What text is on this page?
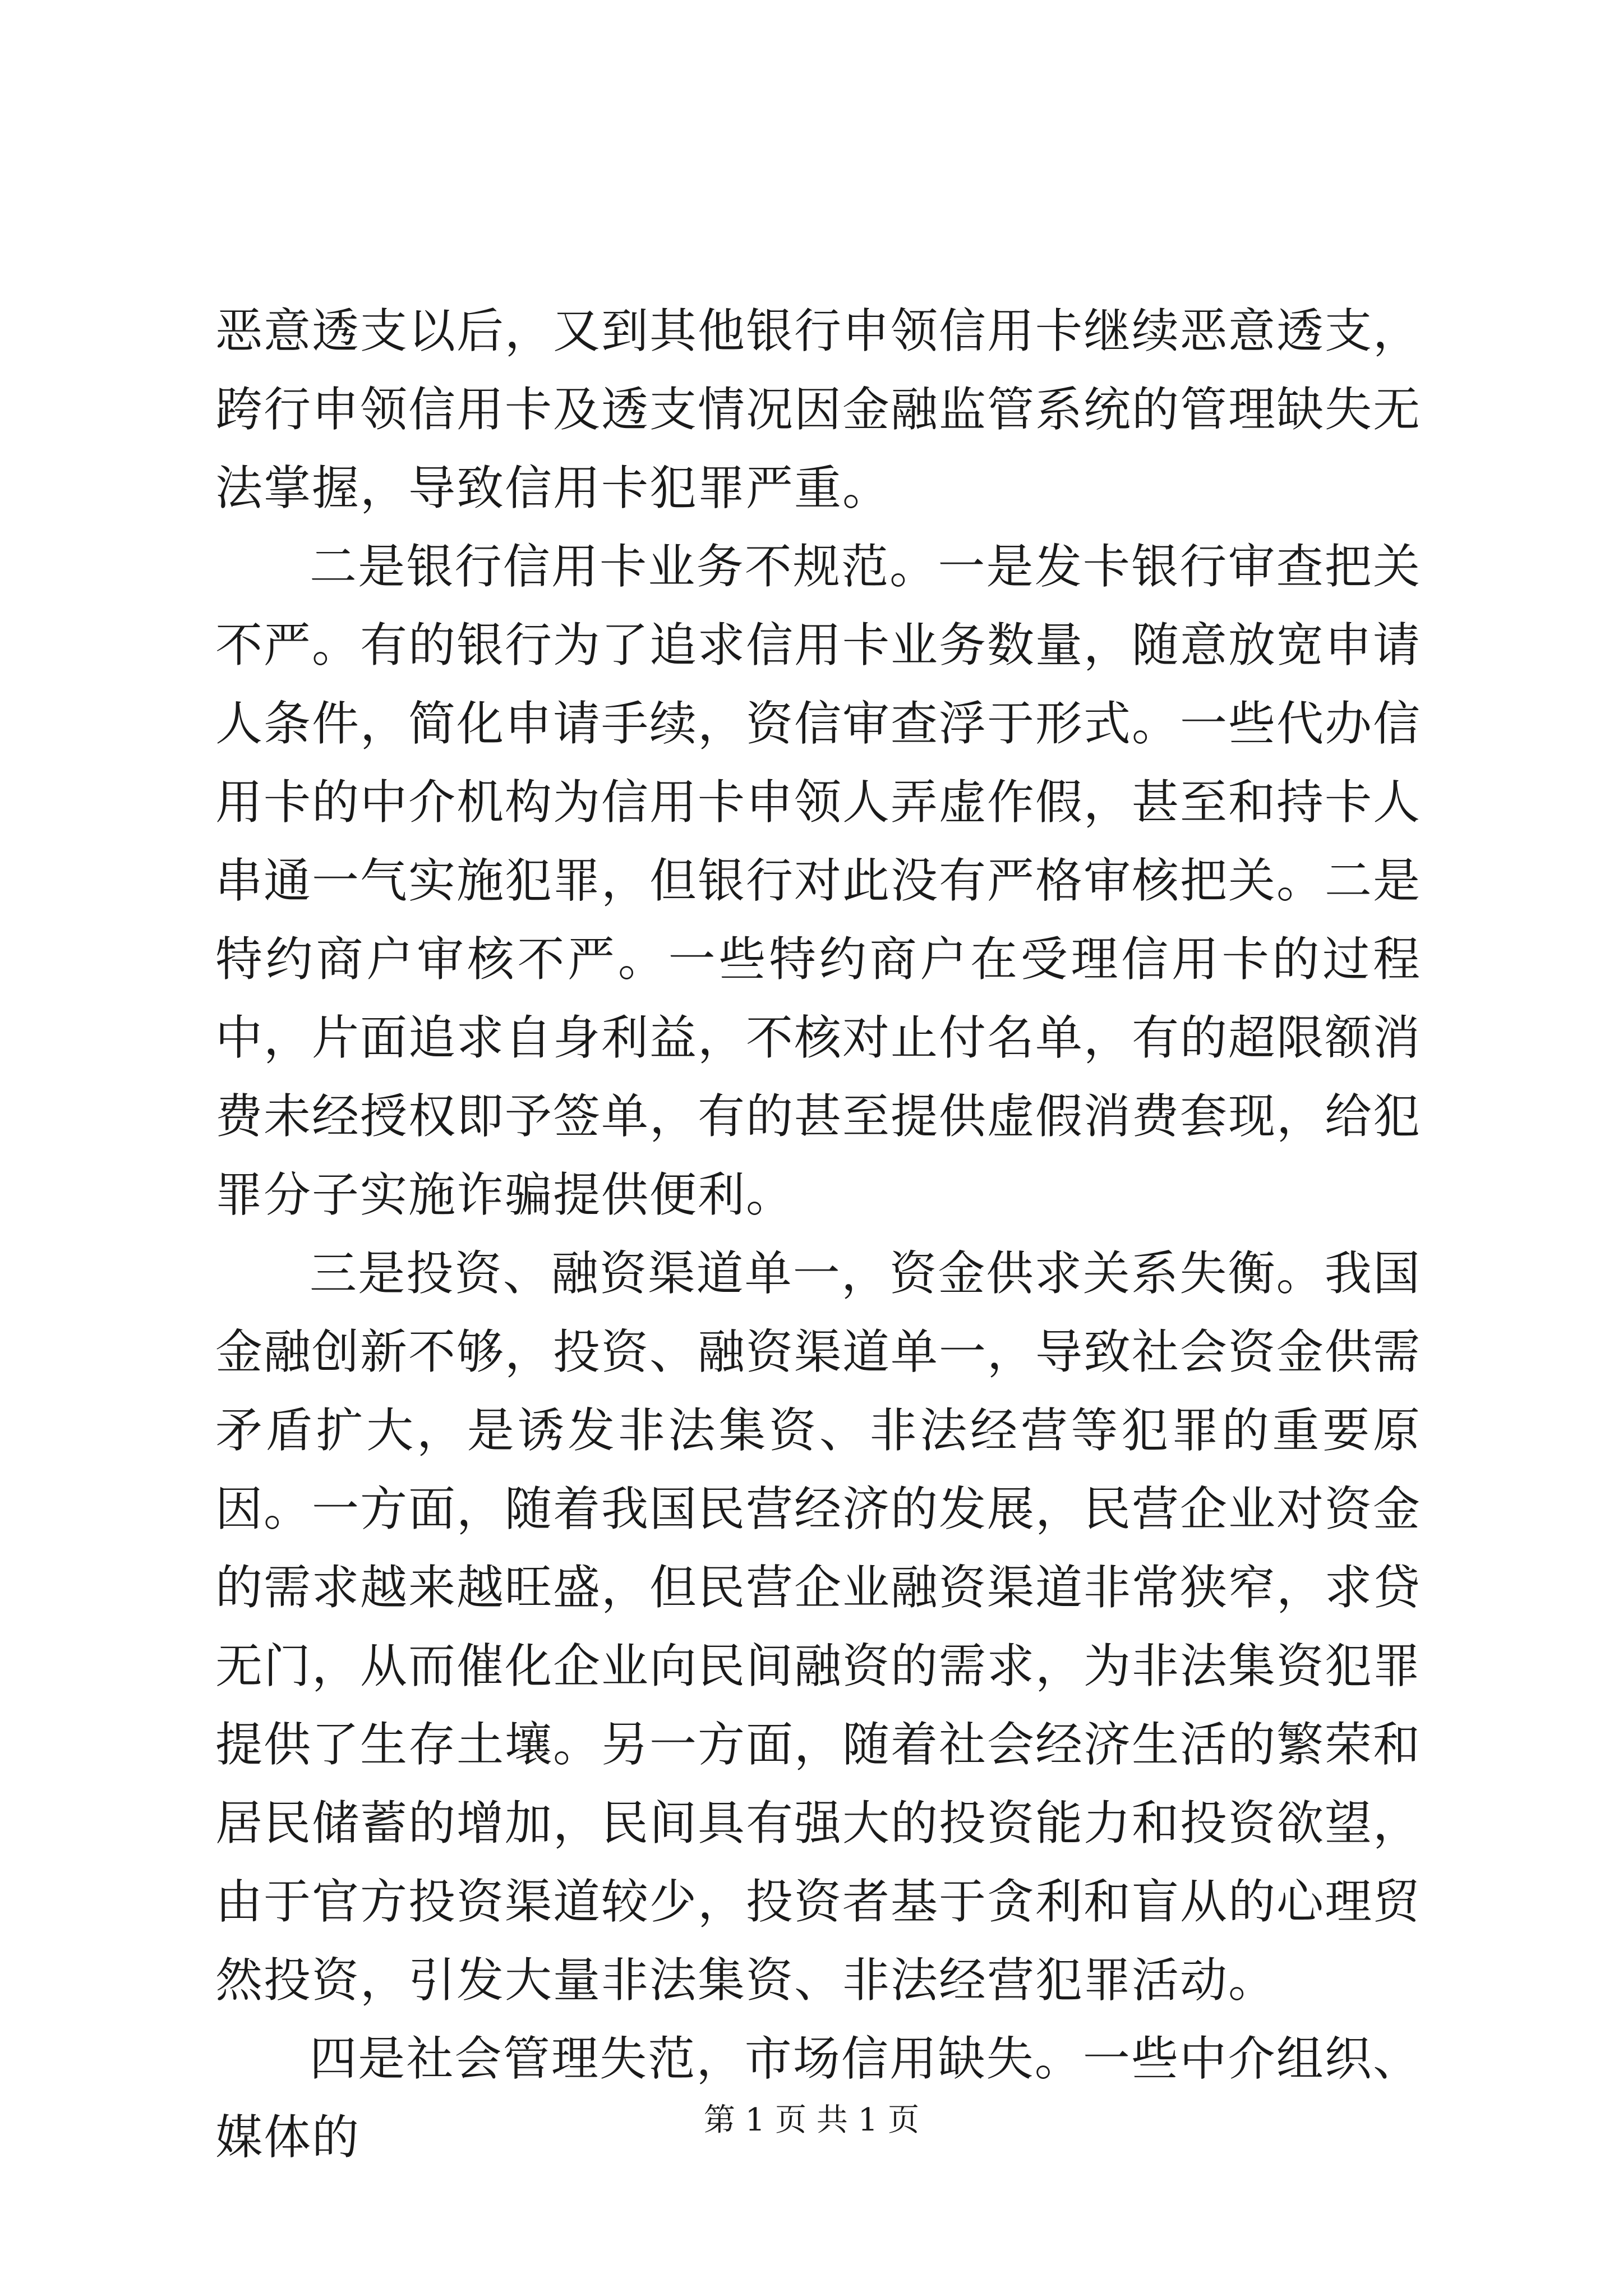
恶意透支以后，又到其他银行申领信用卡继续恶意透支，跨行申领信用卡及透支情况因金融监管系统的管理缺失无法掌握，导致信用卡犯罪严重。

二是银行信用卡业务不规范。一是发卡银行审查把关不严。有的银行为了追求信用卡业务数量，随意放宽申请人条件，简化申请手续，资信审查浮于形式。一些代办信用卡的中介机构为信用卡申领人弄虚作假，甚至和持卡人串通一气实施犯罪，但银行对此没有严格审核把关。二是特约商户审核不严。一些特约商户在受理信用卡的过程中，片面追求自身利益，不核对止付名单，有的超限额消费未经授权即予签单，有的甚至提供虚假消费套现，给犯罪分子实施诈骗提供便利。

三是投资、融资渠道单一，资金供求关系失衡。我国金融创新不够，投资、融资渠道单一，导致社会资金供需矛盾扩大，是诱发非法集资、非法经营等犯罪的重要原因。一方面，随着我国民营经济的发展，民营企业对资金的需求越来越旺盛，但民营企业融资渠道非常狭窄，求贷无门，从而催化企业向民间融资的需求，为非法集资犯罪提供了生存土壤。另一方面，随着社会经济生活的繁荣和居民储蓄的增加，民间具有强大的投资能力和投资欲望，由于官方投资渠道较少，投资者基于贪利和盲从的心理贸然投资，引发大量非法集资、非法经营犯罪活动。

四是社会管理失范，市场信用缺失。一些中介组织、媒体的	第 1 页 共 1 页
